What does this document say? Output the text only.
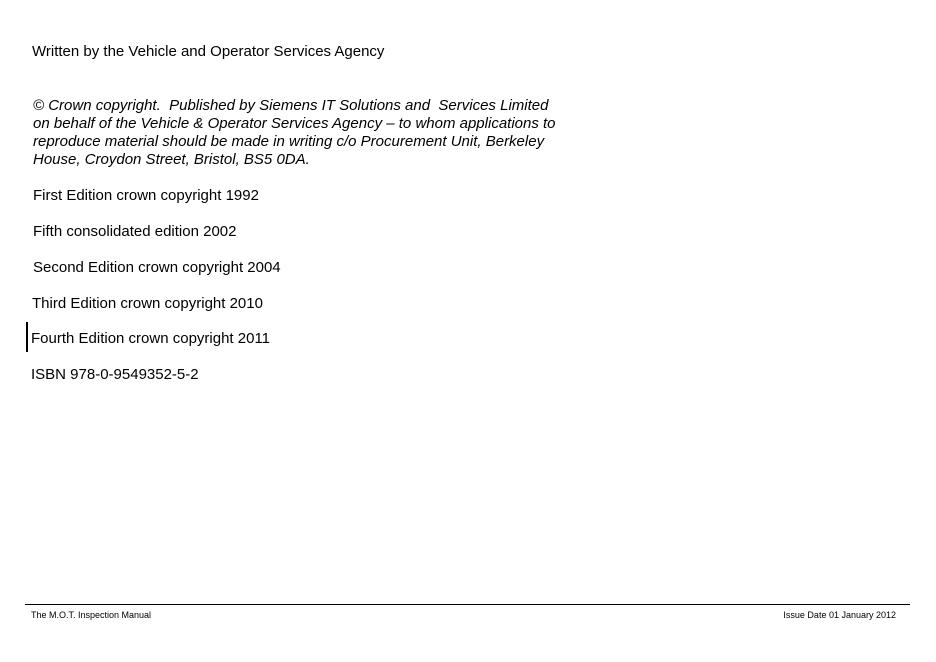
Written by the Vehicle and Operator Services Agency
© Crown copyright.  Published by Siemens IT Solutions and  Services Limited
on behalf of the Vehicle & Operator Services Agency – to whom applications to
reproduce material should be made in writing c/o Procurement Unit, Berkeley
House, Croydon Street, Bristol, BS5 0DA.
First Edition crown copyright 1992
Fifth consolidated edition 2002
Second Edition crown copyright 2004
Third Edition crown copyright 2010
Fourth Edition crown copyright 2011
ISBN 978-0-9549352-5-2
The M.O.T. Inspection Manual	Issue Date 01 January 2012
